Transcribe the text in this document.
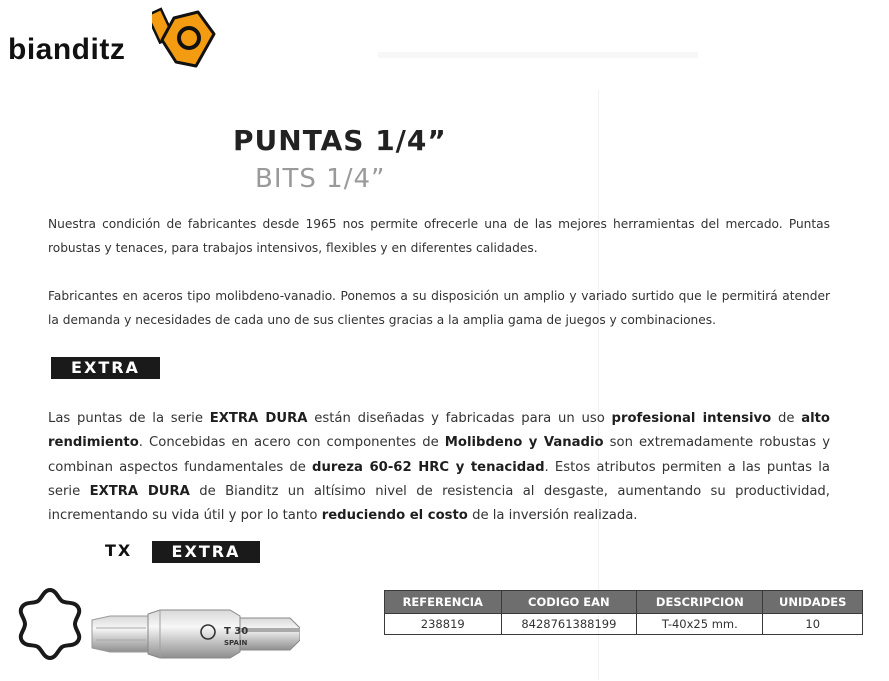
bianditz
PUNTAS 1/4”
BITS 1/4”
Nuestra condición de fabricantes desde 1965 nos permite ofrecerle una de las mejores herramientas del mercado. Puntas robustas y tenaces, para trabajos intensivos, flexibles y en diferentes calidades.
Fabricantes en aceros tipo molibdeno-vanadio. Ponemos a su disposición un amplio y variado surtido que le permitirá atender la demanda y necesidades de cada uno de sus clientes gracias a la amplia gama de juegos y combinaciones.
EXTRA
Las puntas de la serie EXTRA DURA están diseñadas y fabricadas para un uso profesional intensivo de alto rendimiento. Concebidas en acero con componentes de Molibdeno y Vanadio son extremadamente robustas y combinan aspectos fundamentales de dureza 60-62 HRC y tenacidad. Estos atributos permiten a las puntas la serie EXTRA DURA de Bianditz un altísimo nivel de resistencia al desgaste, aumentando su productividad, incrementando su vida útil y por lo tanto reduciendo el costo de la inversión realizada.
TX	EXTRA
T 30
SPAIN
REFERENCIA	CODIGO EAN	DESCRIPCION	UNIDADES
238819	8428761388199	T-40x25 mm.	10
